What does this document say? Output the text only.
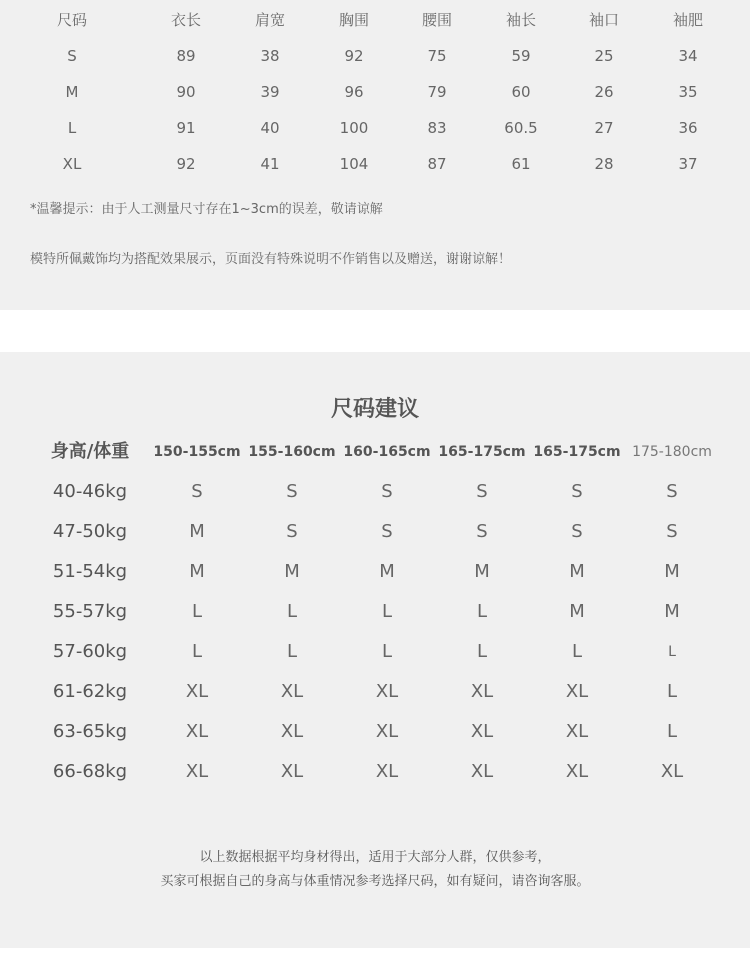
尺码	衣长	肩宽	胸围	腰围	袖长	袖口	袖肥
S	89	38	92	75	59	25	34
M	90	39	96	79	60	26	35
L	91	40	100	83	60.5	27	36
XL	92	41	104	87	61	28	37
*温馨提示：由于人工测量尺寸存在1~3cm的误差，敬请谅解
模特所佩戴饰均为搭配效果展示，页面没有特殊说明不作销售以及赠送，谢谢谅解！
尺码建议
身高/体重 150-155cm 155-160cm 160-165cm 165-175cm 165-175cm 175-180cm
40-46kg	S	S	S	S	S	S
47-50kg	M	S	S	S	S	S
51-54kg	M	M	M	M	M	M
55-57kg	L	L	L	L	M	M
57-60kg	L	L	L	L	L	L
61-62kg	XL	XL	XL	XL	XL	L
63-65kg	XL	XL	XL	XL	XL	L
66-68kg	XL	XL	XL	XL	XL	XL
以上数据根据平均身材得出，适用于大部分人群，仅供参考，
买家可根据自己的身高与体重情况参考选择尺码，如有疑问，请咨询客服。
